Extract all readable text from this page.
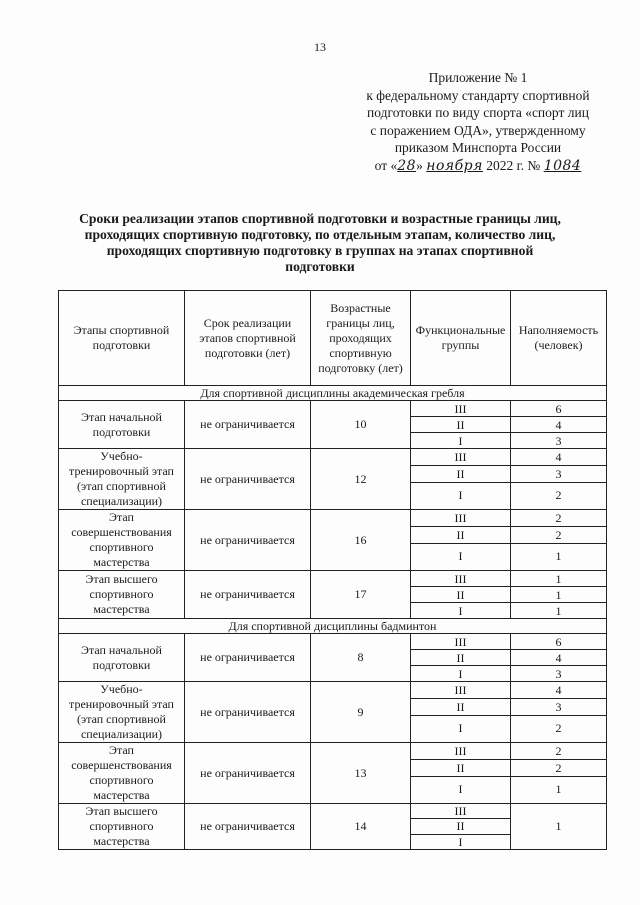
13
Приложение № 1
к федеральному стандарту спортивной
подготовки по виду спорта «спорт лиц
с поражением ОДА», утвержденному
приказом Минспорта России
от «28» ноября 2022 г. № 1084
Сроки реализации этапов спортивной подготовки и возрастные границы лиц,
проходящих спортивную подготовку, по отдельным этапам, количество лиц,
проходящих спортивную подготовку в группах на этапах спортивной
подготовки
Этапы спортивной подготовки	Срок реализации этапов спортивной подготовки (лет)	Возрастные границы лиц, проходящих спортивную подготовку (лет)	Функциональные группы	Наполняемость (человек)
Для спортивной дисциплины академическая гребля				
Этап начальной подготовки	не ограничивается	10	III	6
			II	4
			I	3
Учебно-тренировочный этап (этап спортивной специализации)	не ограничивается	12	III	4
			II	3
			I	2
Этап совершенствования спортивного мастерства	не ограничивается	16	III	2
			II	2
			I	1
Этап высшего спортивного мастерства	не ограничивается	17	III	1
			II	1
			I	1
Для спортивной дисциплины бадминтон				
Этап начальной подготовки	не ограничивается	8	III	6
			II	4
			I	3
Учебно-тренировочный этап (этап спортивной специализации)	не ограничивается	9	III	4
			II	3
			I	2
Этап совершенствования спортивного мастерства	не ограничивается	13	III	2
			II	2
			I	1
Этап высшего спортивного мастерства	не ограничивается	14	III	1
			II	
			I	
